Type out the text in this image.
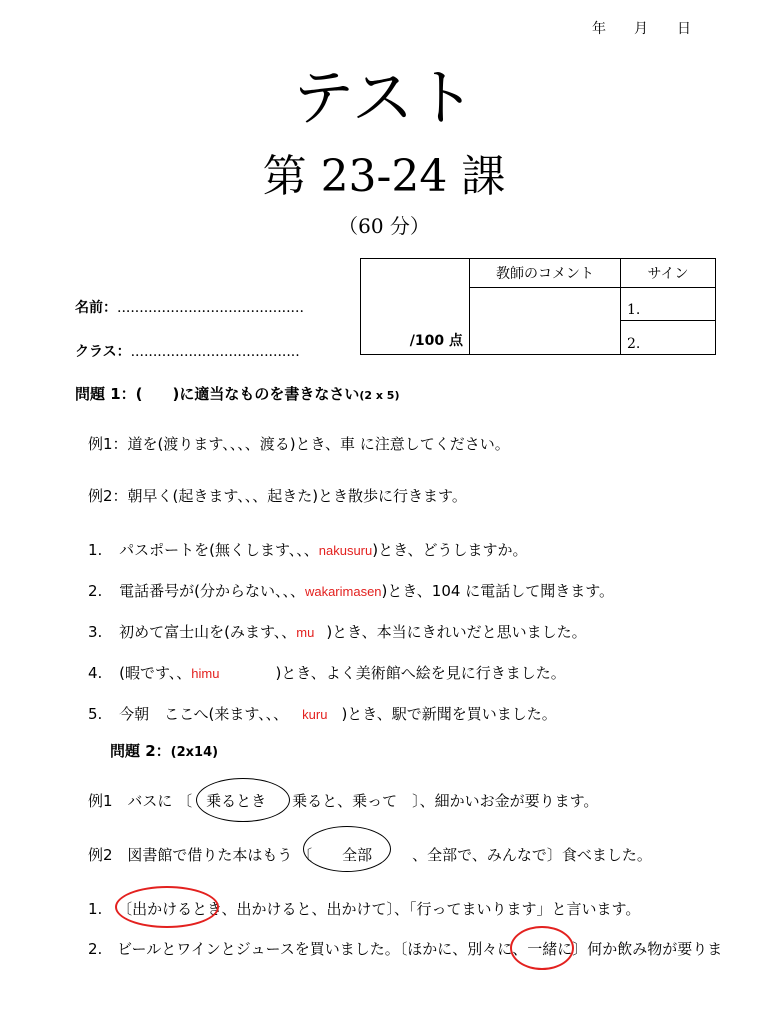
年 月 日
テスト
第 23-24 課
（60 分）
名前：..........................................
クラス：......................................
/100 点	教師のコメント	サイン
		1.
		2.
問題 1：(　　)に適当なものを書きなさい(2 x 5)
例1：道を(渡ります、、、、渡る)とき、車 に注意してください。
例2：朝早く(起きます、、、起きた)とき散歩に行きます。
1. パスポートを(無くします、、、nakusuru)とき、どうしますか。
2. 電話番号が(分からない、、、wakarimasen)とき、104 に電話して聞きます。
3. 初めて富士山を(みます、、mu )とき、本当にきれいだと思いました。
4. (暇です、、himu	)とき、よく美術館へ絵を見に行きました。
5. 今朝　ここへ(来ます、、、 kuru )とき、駅で新聞を買いました。
問題 2：(2x14)
例1 バスに 〔 乗るとき 乗ると、乗って　〕、細かいお金が要ります。
例2 図書館で借りた本はもう 〔 全部	、全部で、みんなで〕食べました。
1. 〔出かけるとき、出かけると、出かけて〕、「行ってまいります」と言います。
2. ビールとワインとジュースを買いました。〔ほかに、別々に、一緒に〕何か飲み物が要りま
